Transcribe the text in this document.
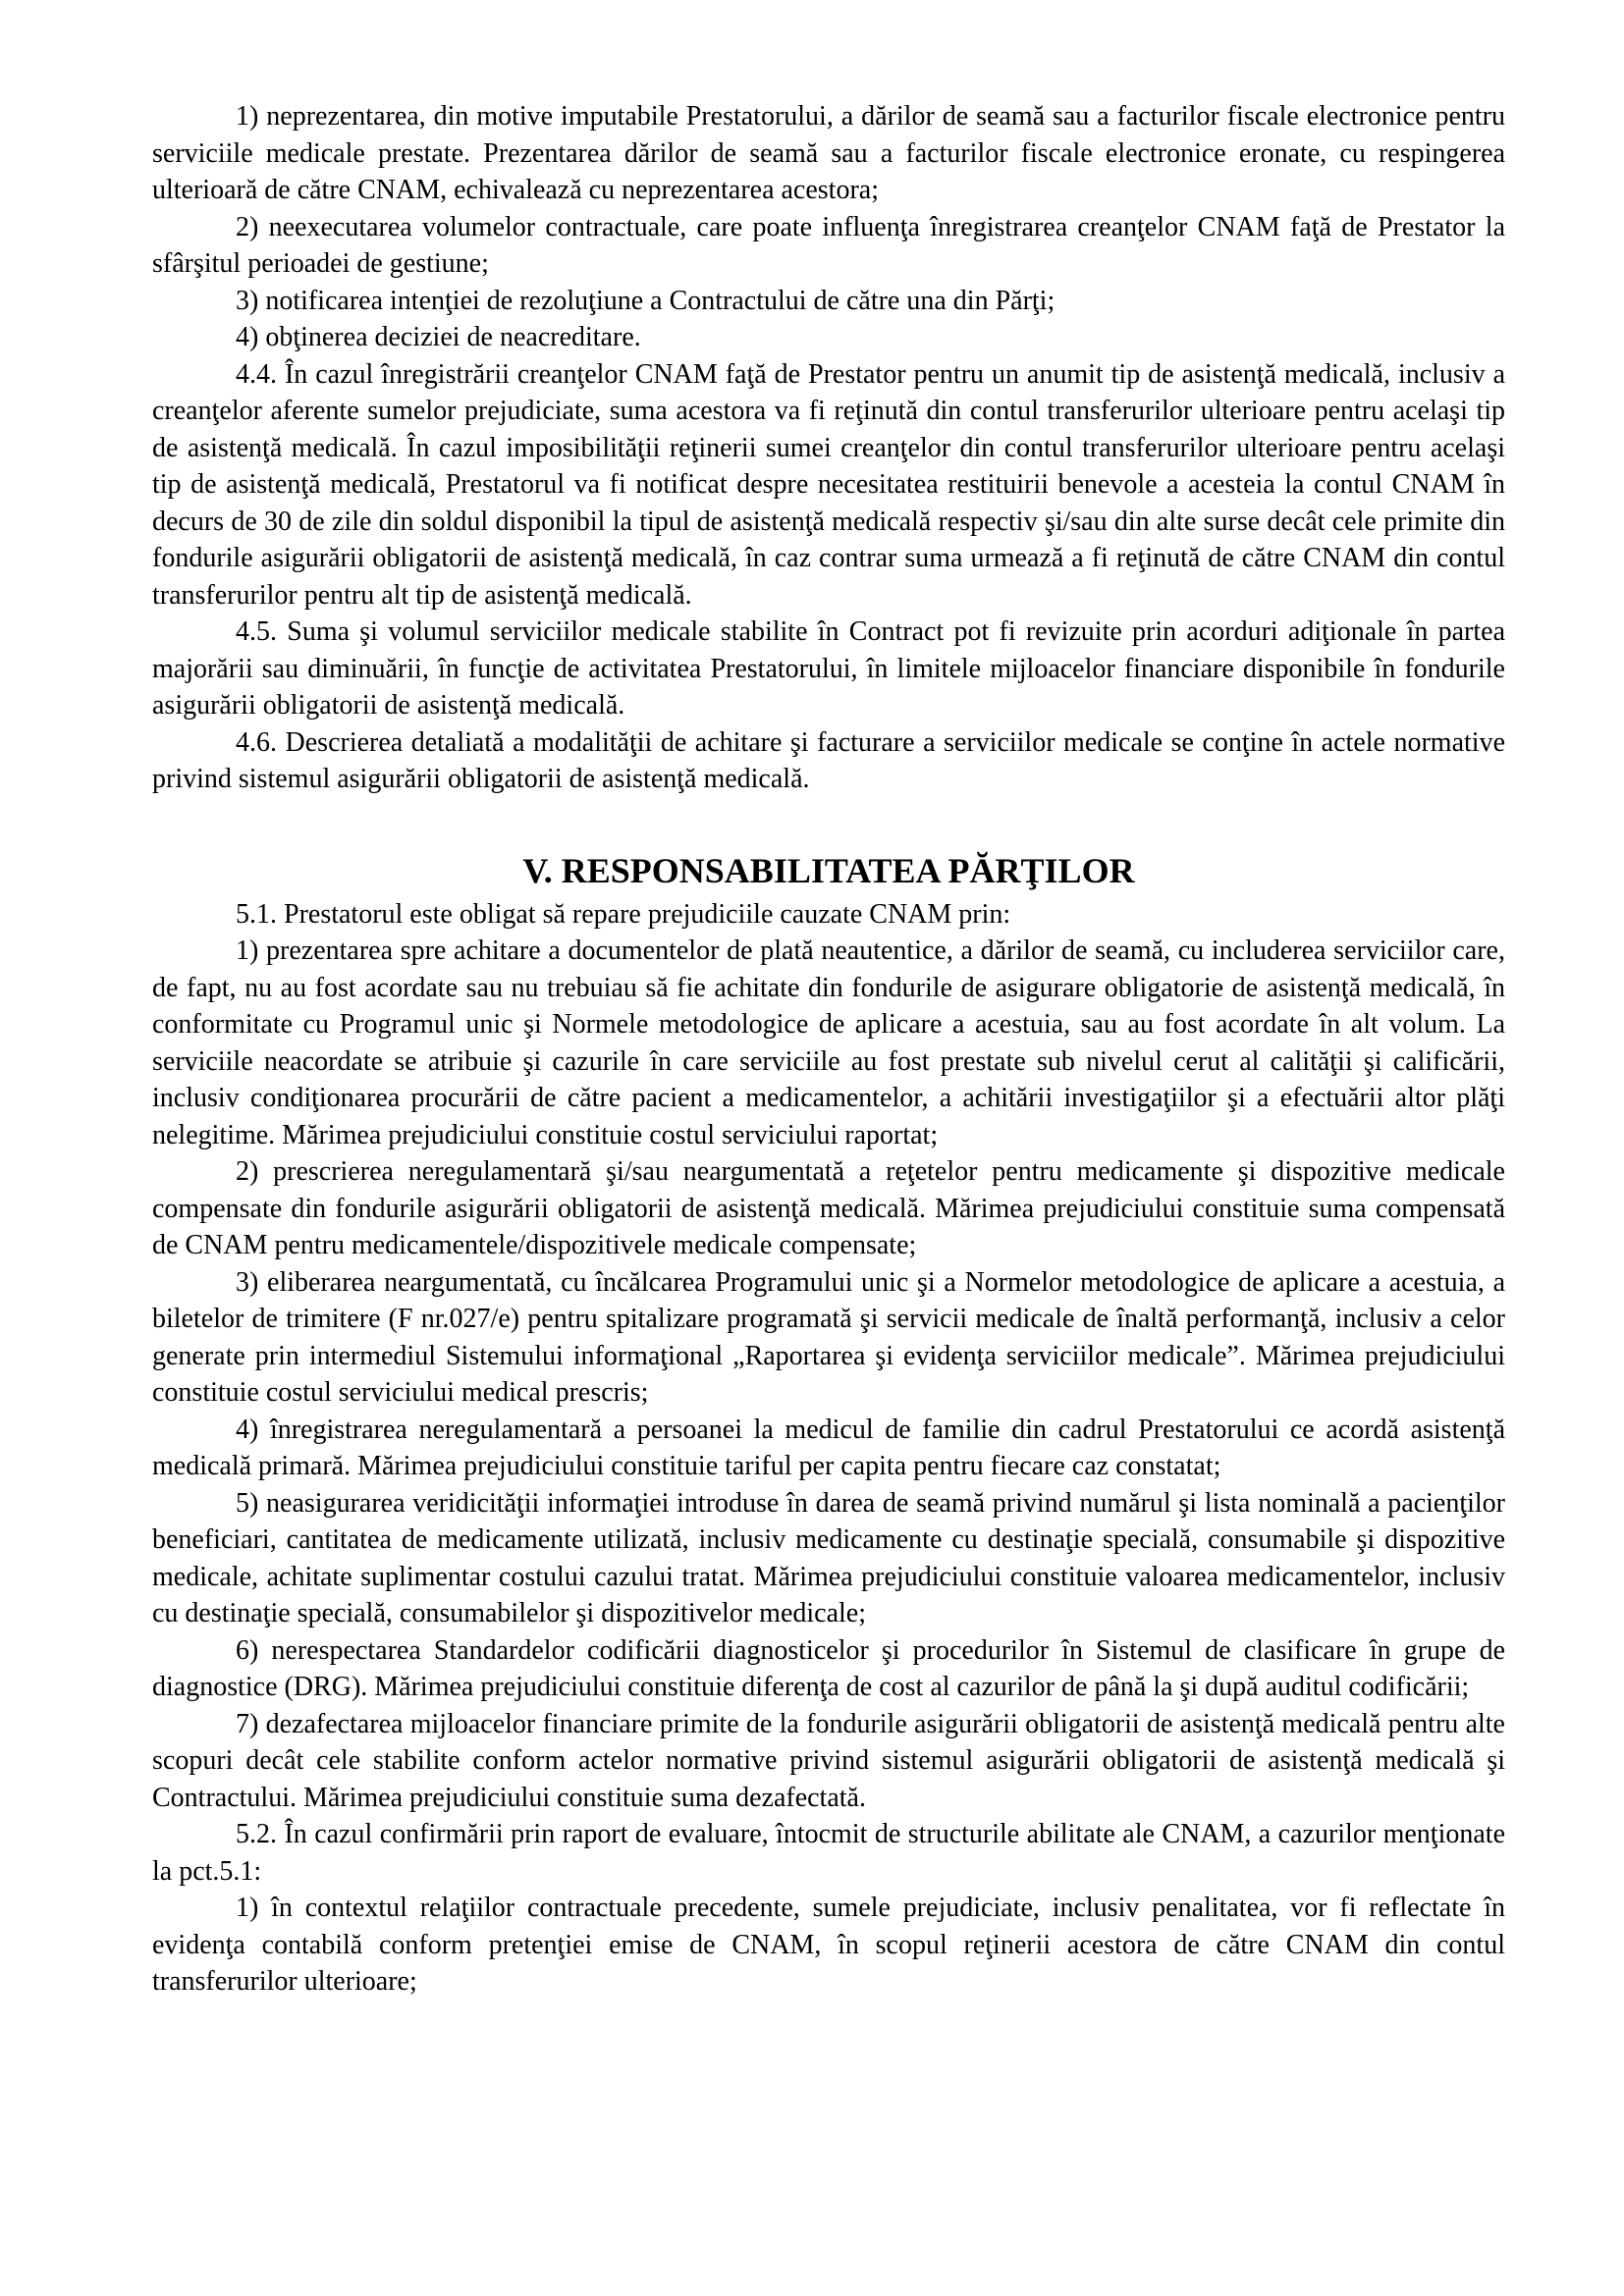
1) neprezentarea, din motive imputabile Prestatorului, a dărilor de seamă sau a facturilor fiscale electronice pentru serviciile medicale prestate. Prezentarea dărilor de seamă sau a facturilor fiscale electronice eronate, cu respingerea ulterioară de către CNAM, echivalează cu neprezentarea acestora;

2) neexecutarea volumelor contractuale, care poate influenţa înregistrarea creanţelor CNAM faţă de Prestator la sfârşitul perioadei de gestiune;

3) notificarea intenţiei de rezoluţiune a Contractului de către una din Părţi;

4) obţinerea deciziei de neacreditare.

4.4. În cazul înregistrării creanţelor CNAM faţă de Prestator pentru un anumit tip de asistenţă medicală, inclusiv a creanţelor aferente sumelor prejudiciate, suma acestora va fi reţinută din contul transferurilor ulterioare pentru acelaşi tip de asistenţă medicală. În cazul imposibilităţii reţinerii sumei creanţelor din contul transferurilor ulterioare pentru acelaşi tip de asistenţă medicală, Prestatorul va fi notificat despre necesitatea restituirii benevole a acesteia la contul CNAM în decurs de 30 de zile din soldul disponibil la tipul de asistenţă medicală respectiv şi/sau din alte surse decât cele primite din fondurile asigurării obligatorii de asistenţă medicală, în caz contrar suma urmează a fi reţinută de către CNAM din contul transferurilor pentru alt tip de asistenţă medicală.

4.5. Suma şi volumul serviciilor medicale stabilite în Contract pot fi revizuite prin acorduri adiţionale în partea majorării sau diminuării, în funcţie de activitatea Prestatorului, în limitele mijloacelor financiare disponibile în fondurile asigurării obligatorii de asistenţă medicală.

4.6. Descrierea detaliată a modalităţii de achitare şi facturare a serviciilor medicale se conţine în actele normative privind sistemul asigurării obligatorii de asistenţă medicală.

V. RESPONSABILITATEA PĂRŢILOR

5.1. Prestatorul este obligat să repare prejudiciile cauzate CNAM prin:

1) prezentarea spre achitare a documentelor de plată neautentice, a dărilor de seamă, cu includerea serviciilor care, de fapt, nu au fost acordate sau nu trebuiau să fie achitate din fondurile de asigurare obligatorie de asistenţă medicală, în conformitate cu Programul unic şi Normele metodologice de aplicare a acestuia, sau au fost acordate în alt volum. La serviciile neacordate se atribuie şi cazurile în care serviciile au fost prestate sub nivelul cerut al calităţii şi calificării, inclusiv condiţionarea procurării de către pacient a medicamentelor, a achitării investigaţiilor şi a efectuării altor plăţi nelegitime. Mărimea prejudiciului constituie costul serviciului raportat;

2) prescrierea neregulamentară şi/sau neargumentată a reţetelor pentru medicamente şi dispozitive medicale compensate din fondurile asigurării obligatorii de asistenţă medicală. Mărimea prejudiciului constituie suma compensată de CNAM pentru medicamentele/dispozitivele medicale compensate;

3) eliberarea neargumentată, cu încălcarea Programului unic şi a Normelor metodologice de aplicare a acestuia, a biletelor de trimitere (F nr.027/e) pentru spitalizare programată şi servicii medicale de înaltă performanţă, inclusiv a celor generate prin intermediul Sistemului informaţional „Raportarea şi evidenţa serviciilor medicale”. Mărimea prejudiciului constituie costul serviciului medical prescris;

4) înregistrarea neregulamentară a persoanei la medicul de familie din cadrul Prestatorului ce acordă asistenţă medicală primară. Mărimea prejudiciului constituie tariful per capita pentru fiecare caz constatat;

5) neasigurarea veridicităţii informaţiei introduse în darea de seamă privind numărul şi lista nominală a pacienţilor beneficiari, cantitatea de medicamente utilizată, inclusiv medicamente cu destinaţie specială, consumabile şi dispozitive medicale, achitate suplimentar costului cazului tratat. Mărimea prejudiciului constituie valoarea medicamentelor, inclusiv cu destinaţie specială, consumabilelor şi dispozitivelor medicale;

6) nerespectarea Standardelor codificării diagnosticelor şi procedurilor în Sistemul de clasificare în grupe de diagnostice (DRG). Mărimea prejudiciului constituie diferenţa de cost al cazurilor de până la şi după auditul codificării;

7) dezafectarea mijloacelor financiare primite de la fondurile asigurării obligatorii de asistenţă medicală pentru alte scopuri decât cele stabilite conform actelor normative privind sistemul asigurării obligatorii de asistenţă medicală şi Contractului. Mărimea prejudiciului constituie suma dezafectată.

5.2. În cazul confirmării prin raport de evaluare, întocmit de structurile abilitate ale CNAM, a cazurilor menţionate la pct.5.1:

1) în contextul relaţiilor contractuale precedente, sumele prejudiciate, inclusiv penalitatea, vor fi reflectate în evidenţa contabilă conform pretenţiei emise de CNAM, în scopul reţinerii acestora de către CNAM din contul transferurilor ulterioare;
